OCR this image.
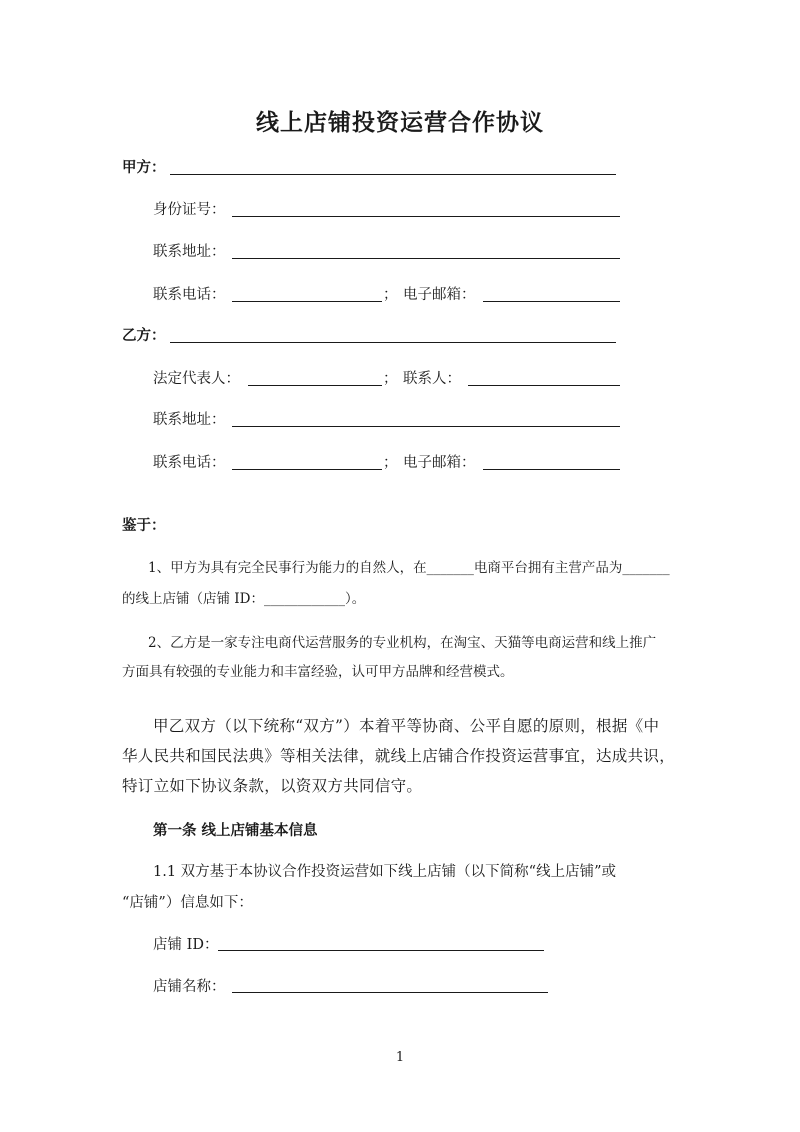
线上店铺投资运营合作协议
甲方：
身份证号：
联系地址：
联系电话：	； 电子邮箱：
乙方：
法定代表人：	； 联系人：
联系地址：
联系电话：	； 电子邮箱：
鉴于：
1、甲方为具有完全民事行为能力的自然人，在_______电商平台拥有主营产品为_______
的线上店铺（店铺 ID：____________）。
2、乙方是一家专注电商代运营服务的专业机构，在淘宝、天猫等电商运营和线上推广
方面具有较强的专业能力和丰富经验，认可甲方品牌和经营模式。
甲乙双方（以下统称“双方”）本着平等协商、公平自愿的原则，根据《中
华人民共和国民法典》等相关法律，就线上店铺合作投资运营事宜，达成共识，
特订立如下协议条款，以资双方共同信守。
第一条 线上店铺基本信息
1.1 双方基于本协议合作投资运营如下线上店铺（以下简称“线上店铺”或
“店铺”）信息如下：
店铺 ID：
店铺名称：
1
